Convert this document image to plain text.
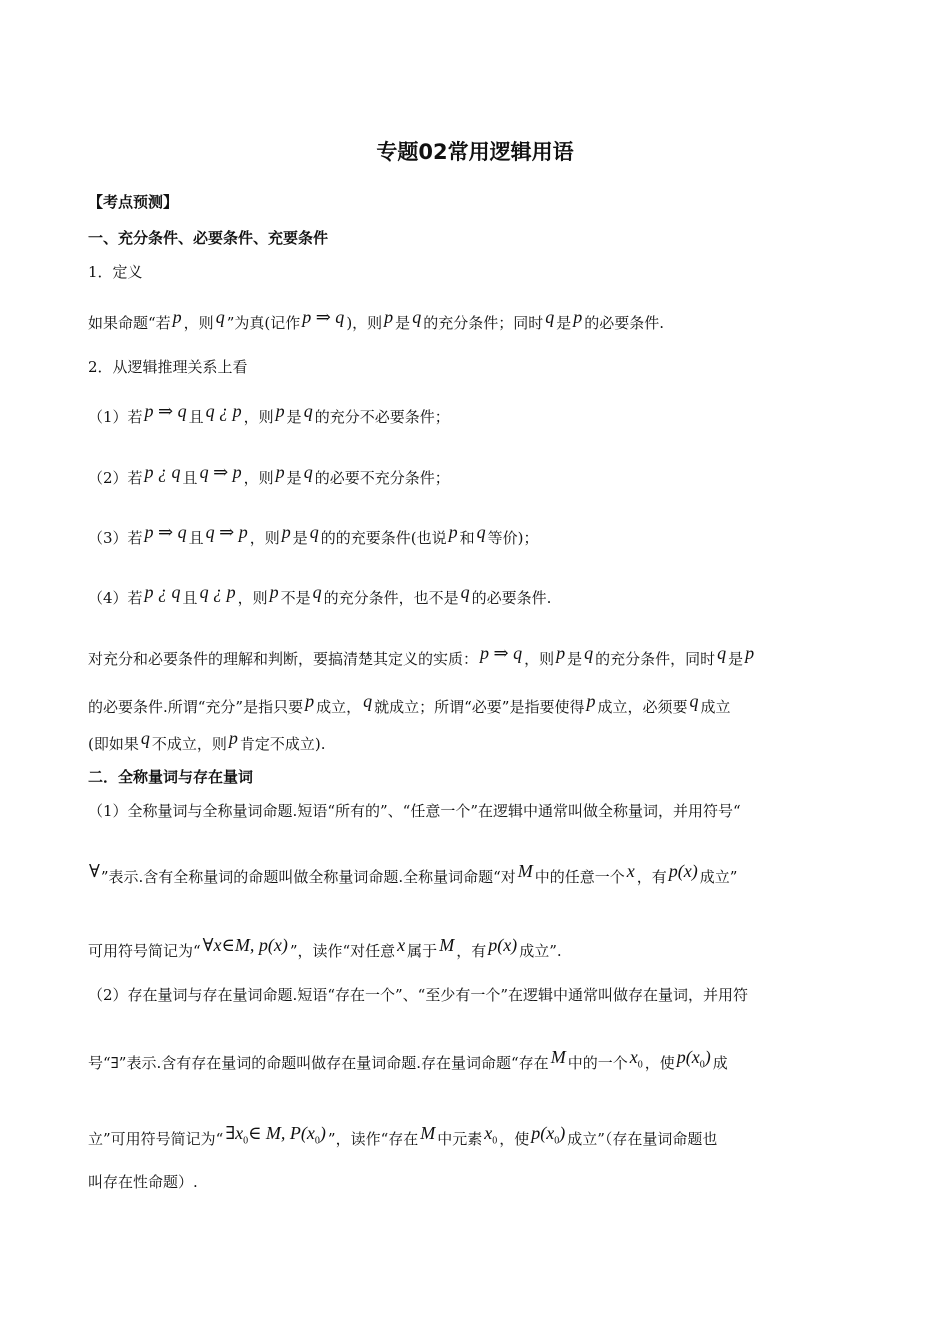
专题02常用逻辑用语
【考点预测】
一、充分条件、必要条件、充要条件
1．定义
如果命题“若 p ，则 q ”为真(记作 p ⇒ q )，则 p 是 q 的充分条件；同时 q 是 p 的必要条件.
2．从逻辑推理关系上看
（1）若 p ⇒ q 且 q ¿ p ，则 p 是 q 的充分不必要条件；
（2）若 p ¿ q 且 q ⇒ p ，则 p 是 q 的必要不充分条件；
（3）若 p ⇒ q 且 q ⇒ p ，则 p 是 q 的的充要条件(也说 p 和 q 等价)；
（4）若 p ¿ q 且 q ¿ p ，则 p 不是 q 的充分条件，也不是 q 的必要条件.
对充分和必要条件的理解和判断，要搞清楚其定义的实质： p ⇒ q ，则 p 是 q 的充分条件，同时 q 是 p
的必要条件.所谓“充分”是指只要 p 成立， q 就成立；所谓“必要”是指要使得 p 成立，必须要 q 成立
(即如果 q 不成立，则 p 肯定不成立).
二．全称量词与存在量词
（1）全称量词与全称量词命题.短语“所有的”、“任意一个”在逻辑中通常叫做全称量词，并用符号“
∀”表示.含有全称量词的命题叫做全称量词命题.全称量词命题“对 M 中的任意一个 x ，有 p(x) 成立”
可用符号简记为“ ∀x∈M, p(x) ”，读作“对任意 x 属于 M ，有 p(x) 成立”.
（2）存在量词与存在量词命题.短语“存在一个”、“至少有一个”在逻辑中通常叫做存在量词，并用符
号“∃”表示.含有存在量词的命题叫做存在量词命题.存在量词命题“存在 M 中的一个 $x_0$ ，使 $p(x_0)$ 成
立”可用符号简记为“ $\exists x_0\in$ M, $P(x_0)$ ”，读作“存在 M 中元素 $x_0$ ，使 $p(x_0)$ 成立”（存在量词命题也
叫存在性命题）.
